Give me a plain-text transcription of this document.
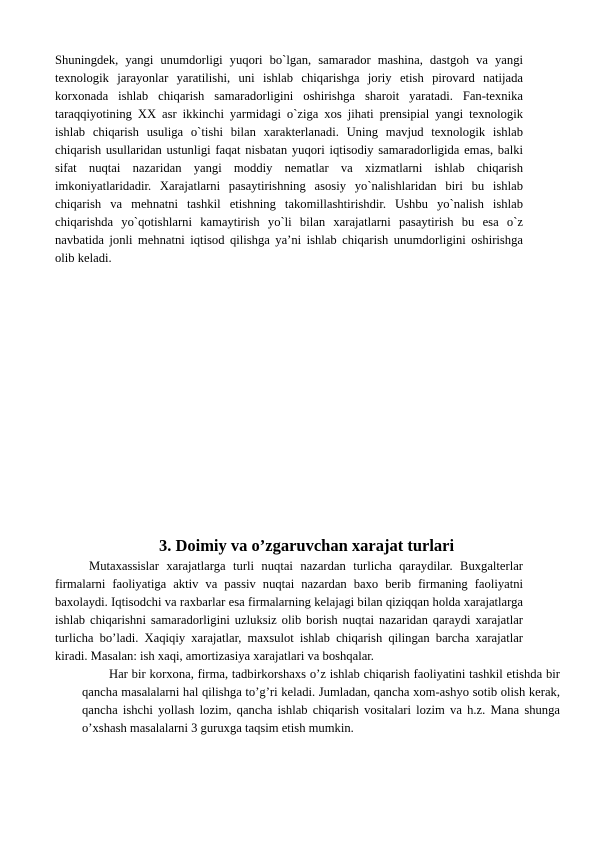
Shuningdek, yangi unumdorligi yuqori bo`lgan, samarador mashina, dastgoh va yangi texnologik jarayonlar yaratilishi, uni ishlab chiqarishga joriy etish pirovard natijada korxonada ishlab chiqarish samaradorligini oshirishga sharoit yaratadi. Fan-texnika taraqqiyotining XX asr ikkinchi yarmidagi o`ziga xos jihati prensipial yangi texnologik ishlab chiqarish usuliga o`tishi bilan xarakterlanadi. Uning mavjud texnologik ishlab chiqarish usullaridan ustunligi faqat nisbatan yuqori iqtisodiy samaradorligida emas, balki sifat nuqtai nazaridan yangi moddiy nematlar va xizmatlarni ishlab chiqarish imkoniyatlaridadir. Xarajatlarni pasaytirishning asosiy yo`nalishlaridan biri bu ishlab chiqarish va mehnatni tashkil etishning takomillashtirishdir. Ushbu yo`nalish ishlab chiqarishda yo`qotishlarni kamaytirish yo`li bilan xarajatlarni pasaytirish bu esa o`z navbatida jonli mehnatni iqtisod qilishga ya’ni ishlab chiqarish unumdorligini oshirishga olib keladi.

3. Doimiy va o’zgaruvchan xarajat turlari

Mutaxassislar xarajatlarga turli nuqtai nazardan turlicha qaraydilar. Buxgalterlar firmalarni faoliyatiga aktiv va passiv nuqtai nazardan baxo berib firmaning faoliyatni baxolaydi. Iqtisodchi va raxbarlar esa firmalarning kelajagi bilan qiziqqan holda xarajatlarga ishlab chiqarishni samaradorligini uzluksiz olib borish nuqtai nazaridan qaraydi xarajatlar turlicha bo’ladi. Xaqiqiy xarajatlar, maxsulot ishlab chiqarish qilingan barcha xarajatlar kiradi. Masalan: ish xaqi, amortizasiya xarajatlari va boshqalar.

Har bir korxona, firma, tadbirkorshaxs o’z ishlab chiqarish faoliyatini tashkil etishda bir qancha masalalarni hal qilishga to’g’ri keladi. Jumladan, qancha xom-ashyo sotib olish kerak, qancha ishchi yollash lozim, qancha ishlab chiqarish vositalari lozim va h.z. Mana shunga o’xshash masalalarni 3 guruxga taqsim etish mumkin.
